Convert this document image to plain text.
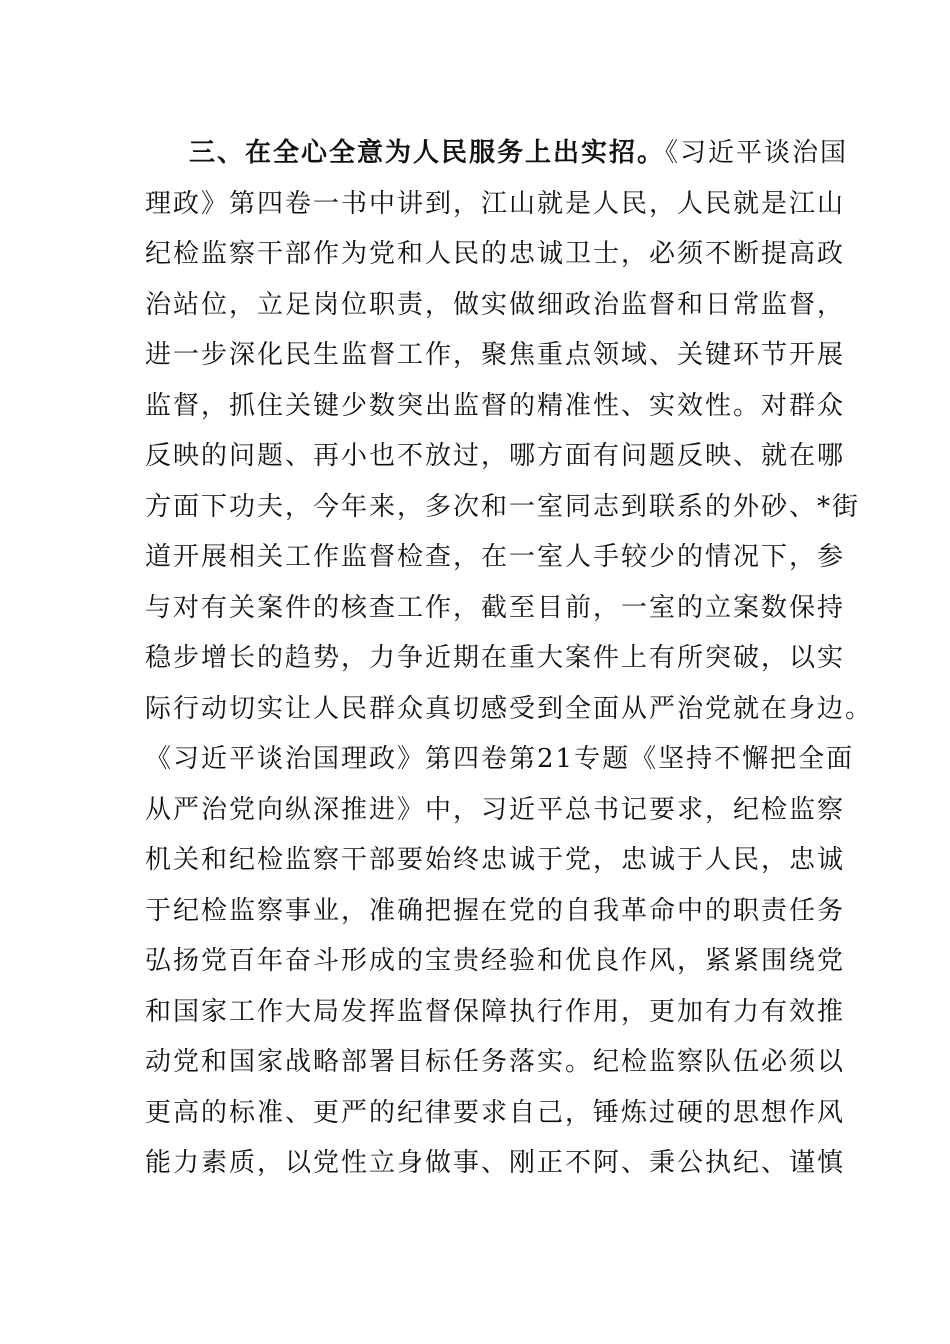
三、在全心全意为人民服务上出实招。《习近平谈治国
理政》第四卷一书中讲到，江山就是人民，人民就是江山
纪检监察干部作为党和人民的忠诚卫士，必须不断提高政
治站位，立足岗位职责，做实做细政治监督和日常监督，
进一步深化民生监督工作，聚焦重点领域、关键环节开展
监督，抓住关键少数突出监督的精准性、实效性。对群众
反映的问题、再小也不放过，哪方面有问题反映、就在哪
方面下功夫，今年来，多次和一室同志到联系的外砂、*街
道开展相关工作监督检查，在一室人手较少的情况下，参
与对有关案件的核查工作，截至目前，一室的立案数保持
稳步增长的趋势，力争近期在重大案件上有所突破，以实
际行动切实让人民群众真切感受到全面从严治党就在身边。
《习近平谈治国理政》第四卷第21专题《坚持不懈把全面
从严治党向纵深推进》中，习近平总书记要求，纪检监察
机关和纪检监察干部要始终忠诚于党，忠诚于人民，忠诚
于纪检监察事业，准确把握在党的自我革命中的职责任务
弘扬党百年奋斗形成的宝贵经验和优良作风，紧紧围绕党
和国家工作大局发挥监督保障执行作用，更加有力有效推
动党和国家战略部署目标任务落实。纪检监察队伍必须以
更高的标准、更严的纪律要求自己，锤炼过硬的思想作风
能力素质，以党性立身做事、刚正不阿、秉公执纪、谨慎
